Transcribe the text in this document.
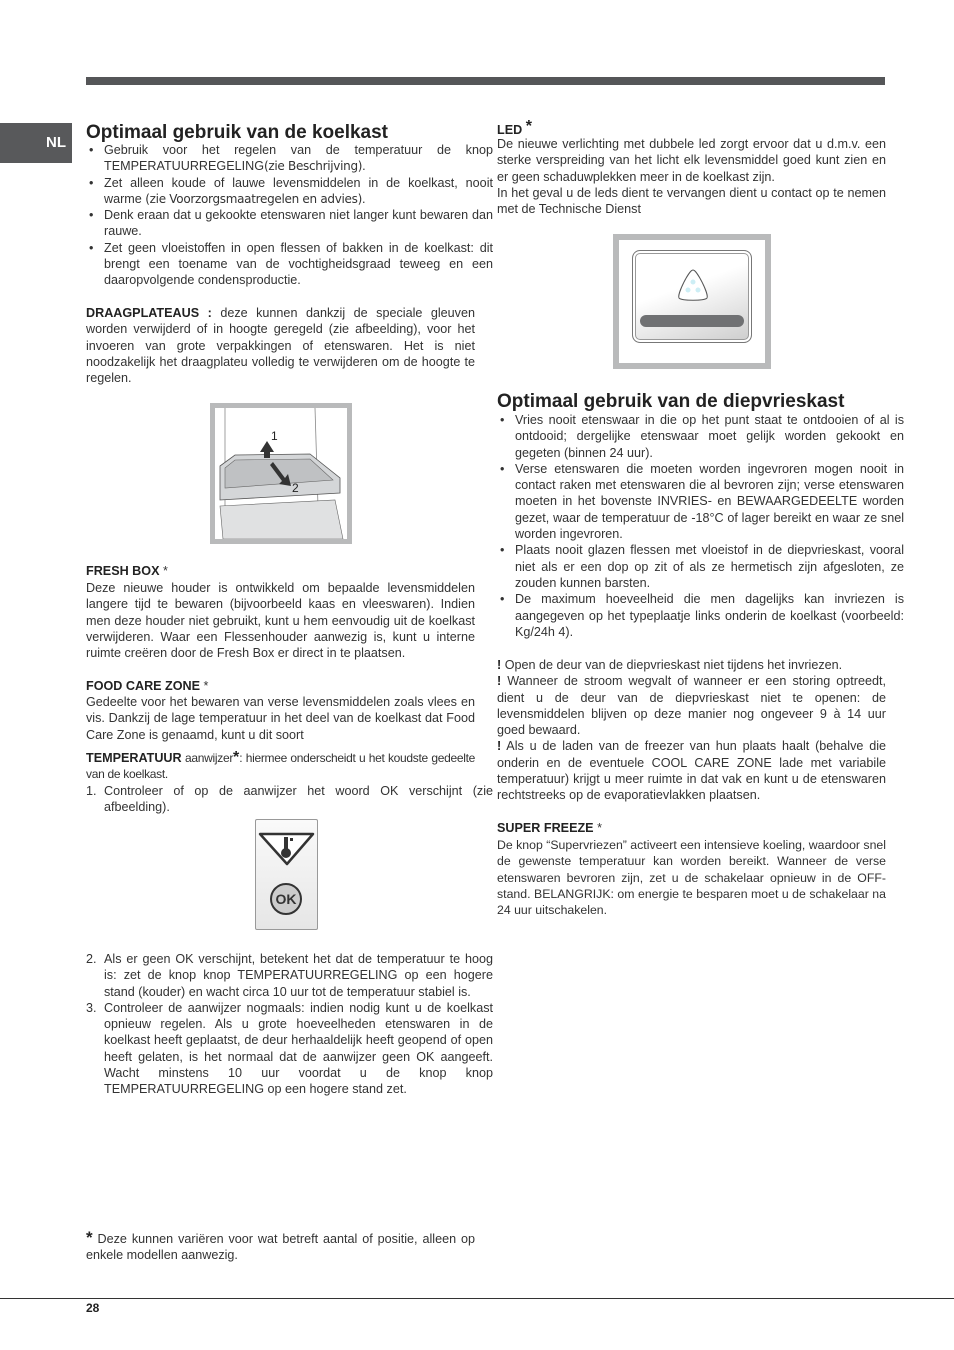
NL Optimaal gebruik van de koelkast
• Gebruik voor het regelen van de temperatuur de knop TEMPERATUURREGELING(zie Beschrijving).
• Zet alleen koude of lauwe levensmiddelen in de koelkast, nooit warme (zie Voorzorgsmaatregelen en advies).
• Denk eraan dat u gekookte etenswaren niet langer kunt bewaren dan rauwe.
• Zet geen vloeistoffen in open flessen of bakken in de koelkast: dit brengt een toename van de vochtigheidsgraad teweeg en een daaropvolgende condensproductie.

DRAAGPLATEAUS : deze kunnen dankzij de speciale gleuven worden verwijderd of in hoogte geregeld (zie afbeelding), voor het invoeren van grote verpakkingen of etenswaren. Het is niet noodzakelijk het draagplateu volledig te verwijderen om de hoogte te regelen.

1
2
FRESH BOX *

Deze nieuwe houder is ontwikkeld om bepaalde levensmiddelen langere tijd te bewaren (bijvoorbeeld kaas en vleeswaren). Indien men deze houder niet gebruikt, kunt u hem eenvoudig uit de koelkast verwijderen. Waar een Flessenhouder aanwezig is, kunt u interne ruimte creëren door de Fresh Box er direct in te plaatsen.

FOOD CARE ZONE *

Gedeelte voor het bewaren van verse levensmiddelen zoals vlees en vis. Dankzij de lage temperatuur in het deel van de koelkast dat Food Care Zone is genaamd, kunt u dit soort

TEMPERATUUR aanwijzer*: hiermee onderscheidt u het koudste gedeelte van de koelkast.

1. Controleer of op de aanwijzer het woord OK verschijnt (zie afbeelding).
OK
2. Als er geen OK verschijnt, betekent het dat de temperatuur te hoog is: zet de knop knop TEMPERATUURREGELING op een hogere stand (kouder) en wacht circa 10 uur tot de temperatuur stabiel is.
3. Controleer de aanwijzer nogmaals: indien nodig kunt u de koelkast opnieuw regelen. Als u grote hoeveelheden etenswaren in de koelkast heeft geplaatst, de deur herhaaldelijk heeft geopend of open heeft gelaten, is het normaal dat de aanwijzer geen OK aangeeft. Wacht minstens 10 uur voordat u de knop knop TEMPERATUURREGELING op een hogere stand zet.

* Deze kunnen variëren voor wat betreft aantal of positie, alleen op enkele modellen aanwezig.

LED *

De nieuwe verlichting met dubbele led zorgt ervoor dat u d.m.v. een sterke verspreiding van het licht elk levensmiddel goed kunt zien en er geen schaduwplekken meer in de koelkast zijn.

In het geval u de leds dient te vervangen dient u contact op te nemen met de Technische Dienst

Optimaal gebruik van de diepvrieskast
• Vries nooit etenswaar in die op het punt staat te ontdooien of al is ontdooid; dergelijke etenswaar moet gelijk worden gekookt en gegeten (binnen 24 uur).
• Verse etenswaren die moeten worden ingevroren mogen nooit in contact raken met etenswaren die al bevroren zijn; verse etenswaren moeten in het bovenste INVRIES- en BEWAARGEDEELTE worden gezet, waar de temperatuur de -18°C of lager bereikt en waar ze snel worden ingevroren.
• Plaats nooit glazen flessen met vloeistof in de diepvrieskast, vooral niet als er een dop op zit of als ze hermetisch zijn afgesloten, ze zouden kunnen barsten.
• De maximum hoeveelheid die men dagelijks kan invriezen is aangegeven op het typeplaatje links onderin de koelkast (voorbeeld: Kg/24h 4).

! Open de deur van de diepvrieskast niet tijdens het invriezen.

! Wanneer de stroom wegvalt of wanneer er een storing optreedt, dient u de deur van de diepvrieskast niet te openen: de levensmiddelen blijven op deze manier nog ongeveer 9 à 14 uur goed bewaard.

! Als u de laden van de freezer van hun plaats haalt (behalve die onderin en de eventuele COOL CARE ZONE lade met variabile temperatuur) krijgt u meer ruimte in dat vak en kunt u de etenswaren rechtstreeks op de evaporatievlakken plaatsen.

SUPER FREEZE *

De knop “Supervriezen” activeert een intensieve koeling, waardoor snel de gewenste temperatuur kan worden bereikt. Wanneer de verse etenswaren bevroren zijn, zet u de schakelaar opnieuw in de OFF-stand. BELANGRIJK: om energie te besparen moet u de schakelaar na 24 uur uitschakelen.

28
